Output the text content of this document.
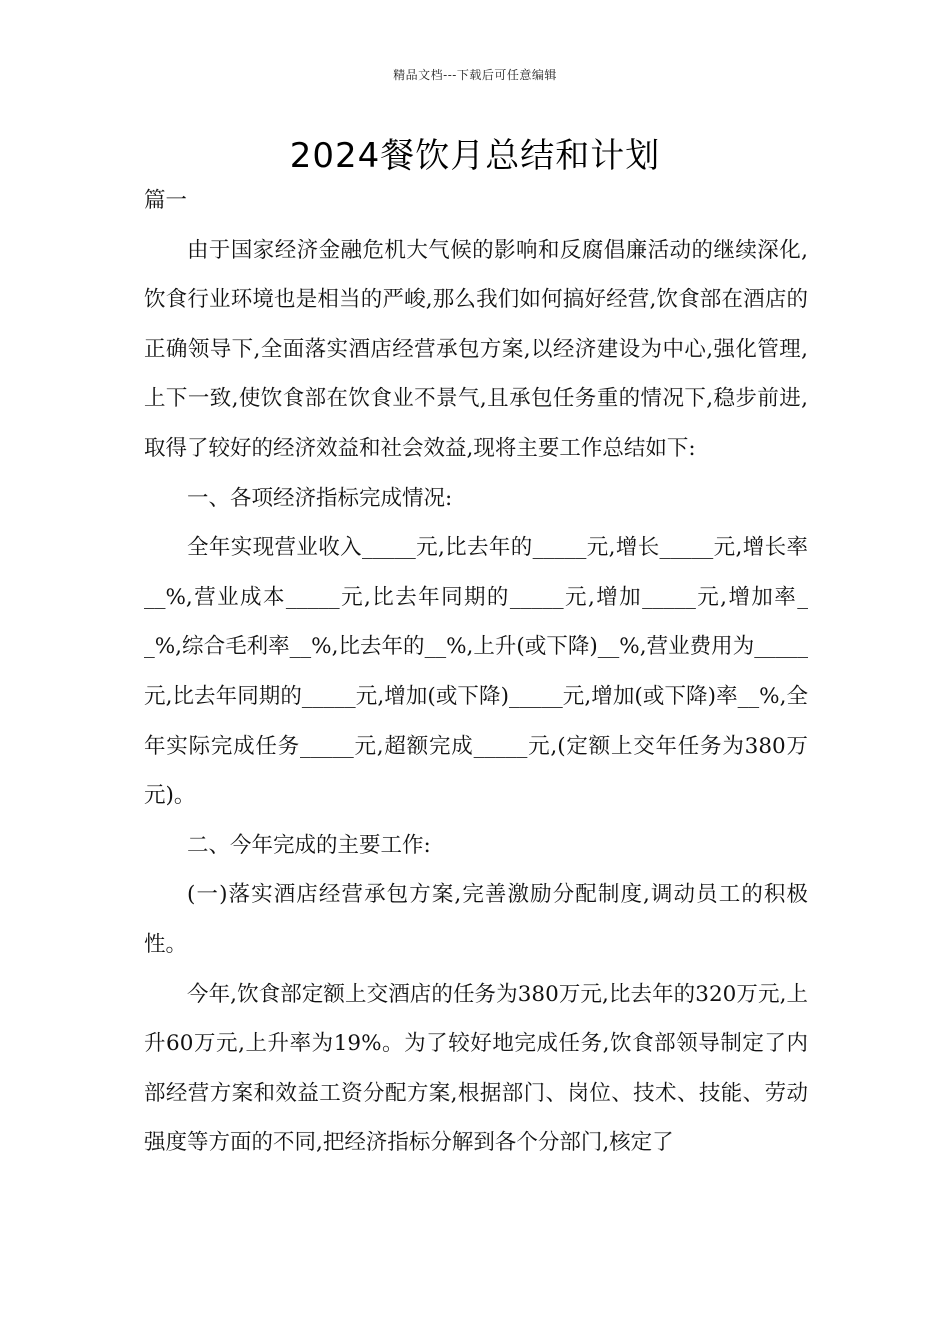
精品文档---下载后可任意编辑
2024餐饮月总结和计划

篇一

由于国家经济金融危机大气候的影响和反腐倡廉活动的继续深化,饮食行业环境也是相当的严峻,那么我们如何搞好经营,饮食部在酒店的正确领导下,全面落实酒店经营承包方案,以经济建设为中心,强化管理,上下一致,使饮食部在饮食业不景气,且承包任务重的情况下,稳步前进,取得了较好的经济效益和社会效益,现将主要工作总结如下:

一、各项经济指标完成情况:

全年实现营业收入_____元,比去年的_____元,增长_____元,增长率__%,营业成本_____元,比去年同期的_____元,增加_____元,增加率__%,综合毛利率__%,比去年的__%,上升(或下降)__%,营业费用为_____元,比去年同期的_____元,增加(或下降)_____元,增加(或下降)率__%,全年实际完成任务_____元,超额完成_____元,(定额上交年任务为380万元)。

二、今年完成的主要工作:

(一)落实酒店经营承包方案,完善激励分配制度,调动员工的积极性。

今年,饮食部定额上交酒店的任务为380万元,比去年的320万元,上升60万元,上升率为19%。为了较好地完成任务,饮食部领导制定了内部经营方案和效益工资分配方案,根据部门、岗位、技术、技能、劳动强度等方面的不同,把经济指标分解到各个分部门,核定了
